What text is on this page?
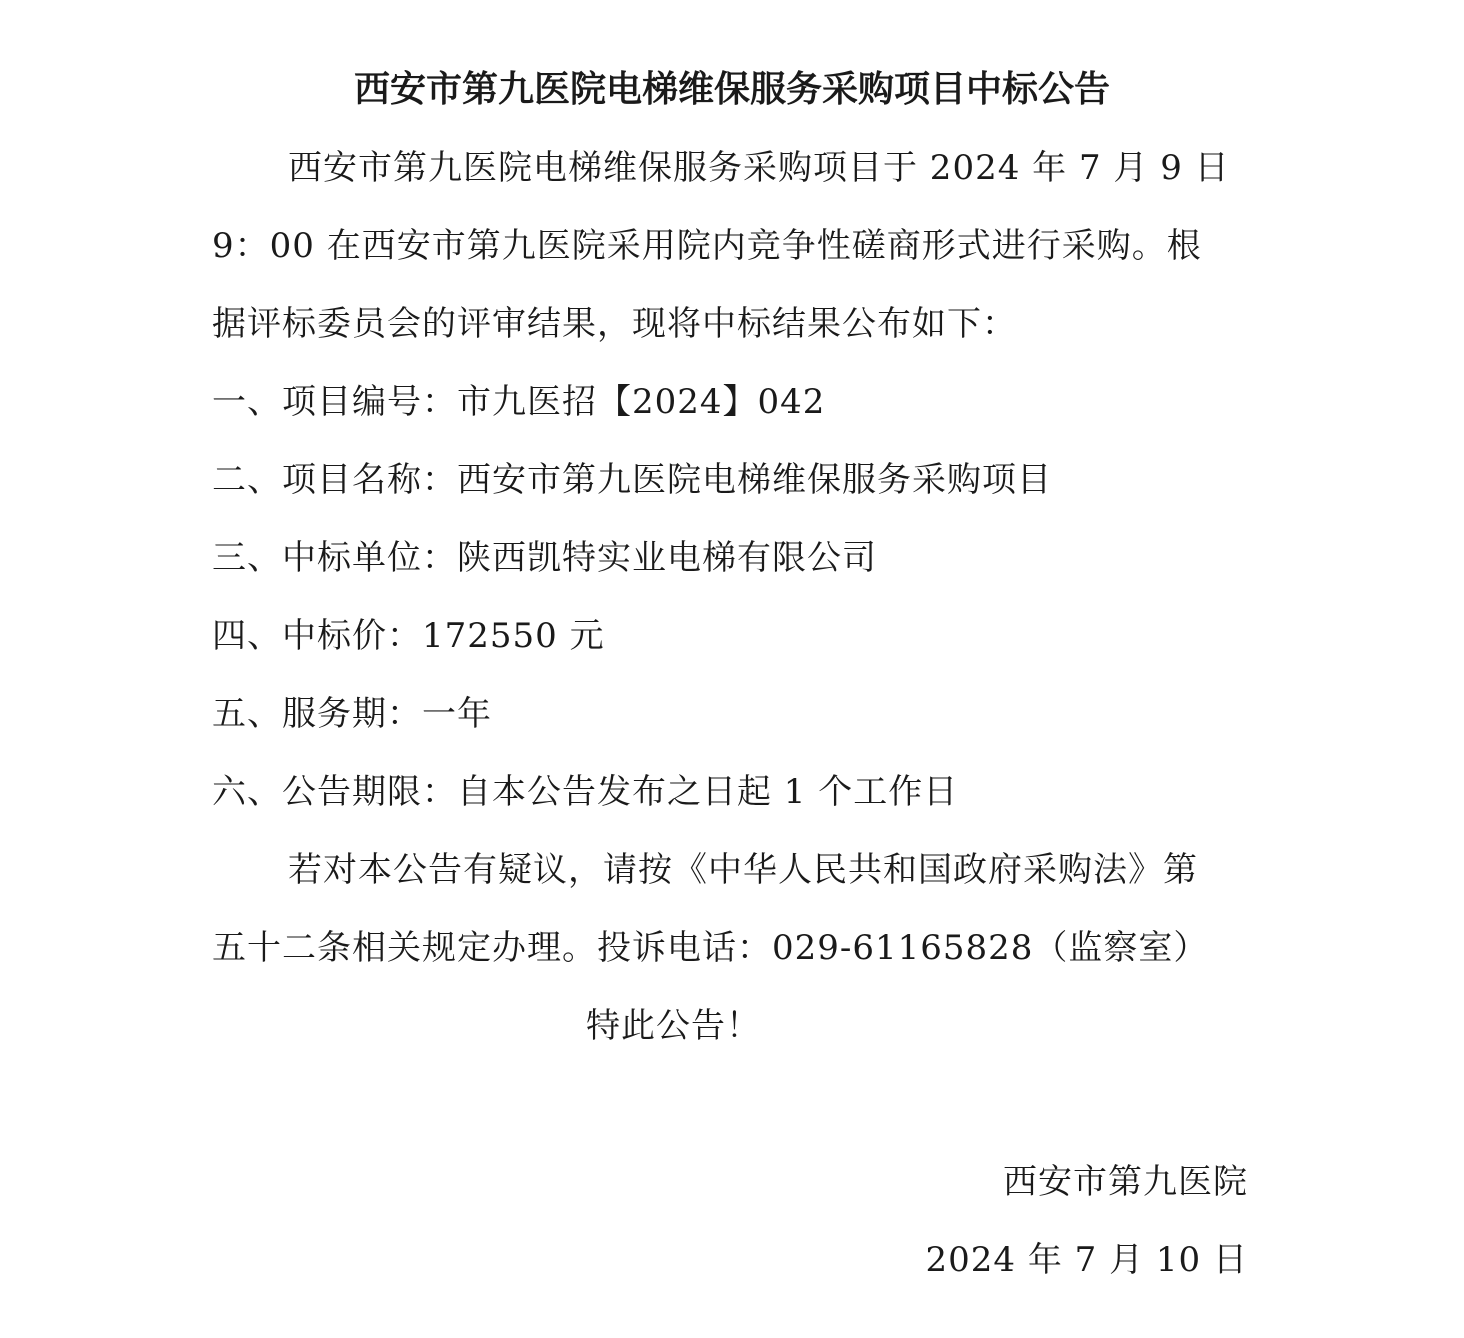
西安市第九医院电梯维保服务采购项目中标公告
西安市第九医院电梯维保服务采购项目于 2024 年 7 月 9 日
9：00 在西安市第九医院采用院内竞争性磋商形式进行采购。根
据评标委员会的评审结果，现将中标结果公布如下：
一、项目编号：市九医招【2024】042
二、项目名称：西安市第九医院电梯维保服务采购项目
三、中标单位：陕西凯特实业电梯有限公司
四、中标价：172550 元
五、服务期：一年
六、公告期限：自本公告发布之日起 1 个工作日
若对本公告有疑议，请按《中华人民共和国政府采购法》第
五十二条相关规定办理。投诉电话：029-61165828（监察室）
特此公告！
西安市第九医院
2024 年 7 月 10 日
